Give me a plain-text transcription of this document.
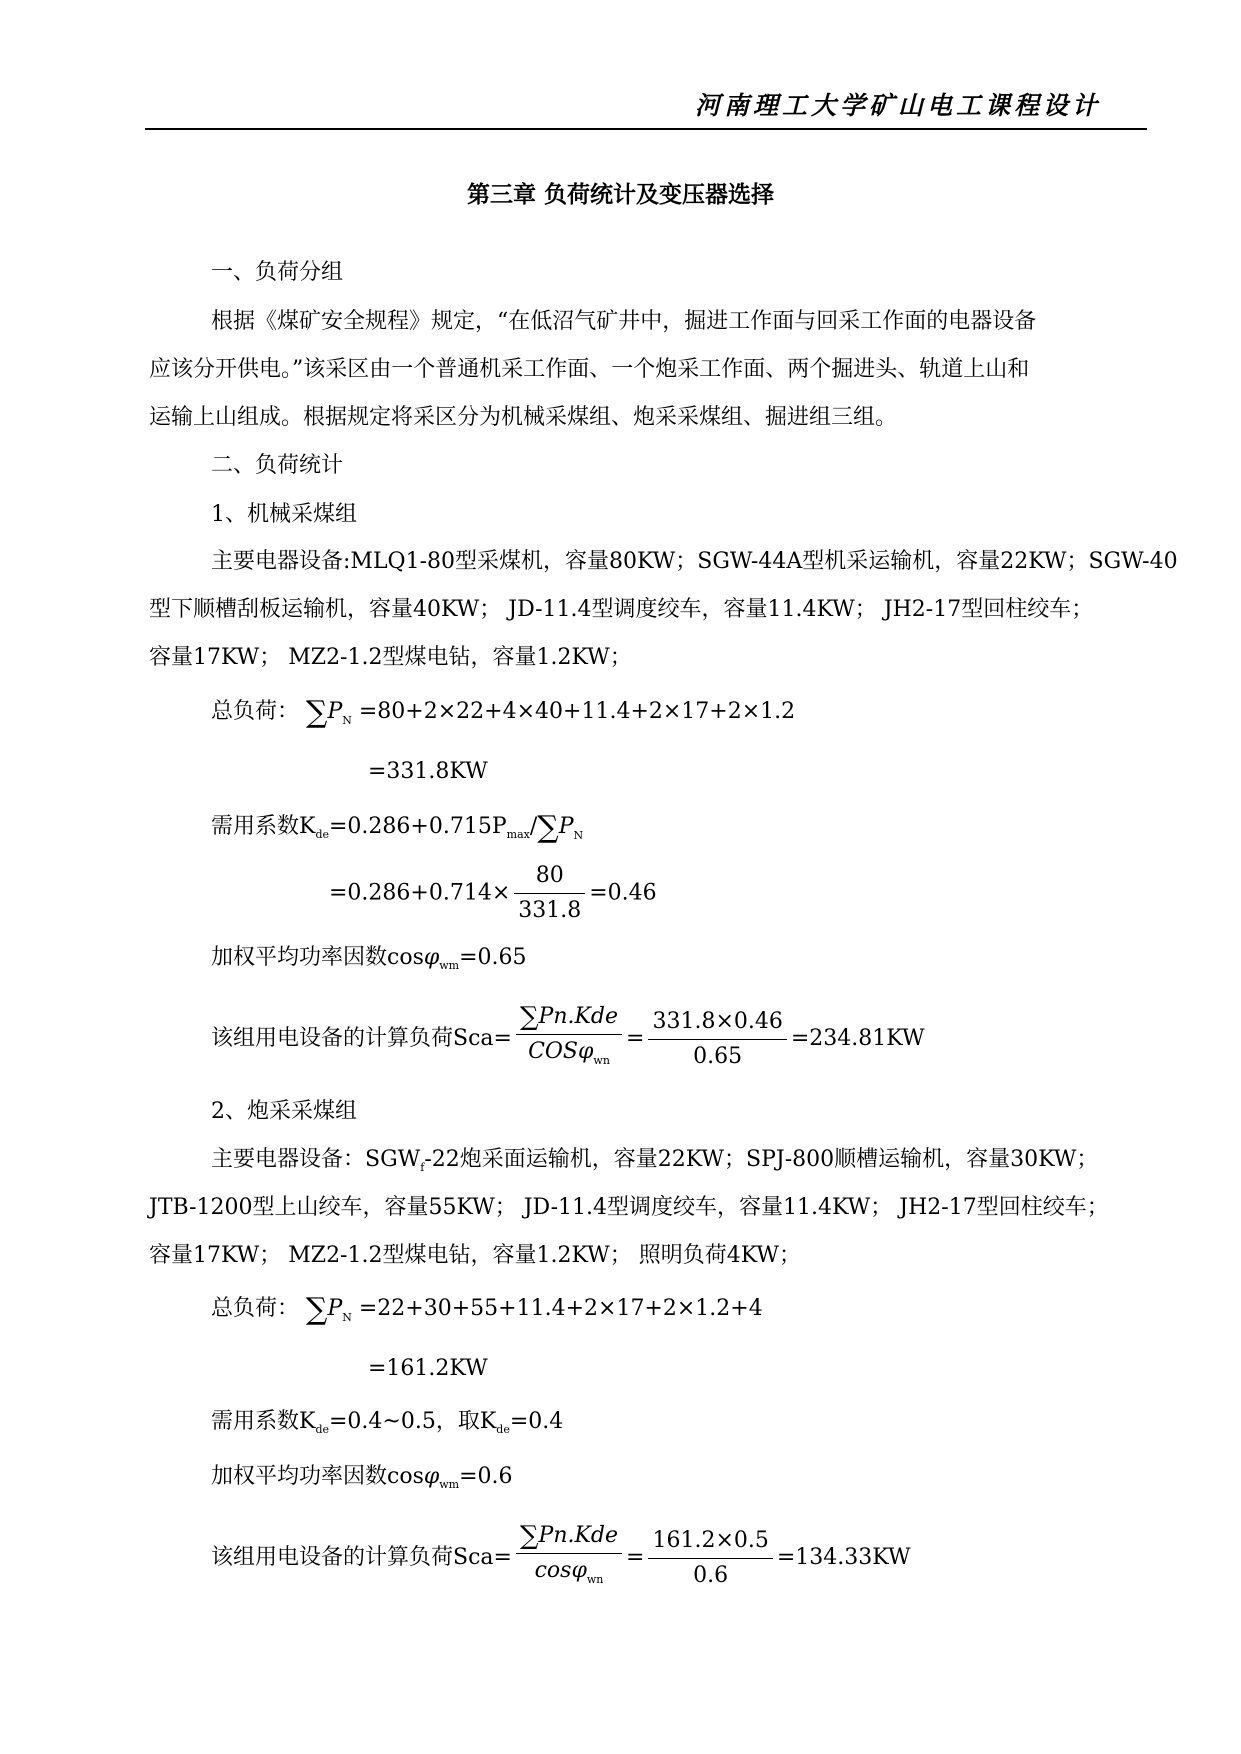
河南理工大学矿山电工课程设计
第三章 负荷统计及变压器选择
一、负荷分组
根据《煤矿安全规程》规定，“在低沼气矿井中，掘进工作面与回采工作面的电器设备
应该分开供电。”该采区由一个普通机采工作面、一个炮采工作面、两个掘进头、轨道上山和
运输上山组成。根据规定将采区分为机械采煤组、炮采采煤组、掘进组三组。
二、负荷统计
1、机械采煤组
主要电器设备:MLQ1-80型采煤机，容量80KW；SGW-44A型机采运输机，容量22KW；SGW-40
型下顺槽刮板运输机，容量40KW； JD-11.4型调度绞车，容量11.4KW； JH2-17型回柱绞车；
容量17KW； MZ2-1.2型煤电钻，容量1.2KW；
总负荷： $\sum P_N =80+2\times 22+4\times 40+11.4+2\times 17+2\times 1.2$
=331.8KW
需用系数$K_{de}=0.286+0.715P_{max}/\sum P_N$
$=0.286+0.714\times \frac{80}{331.8} =0.46$
加权平均功率因数cosφ$_{wm}$=0.65
该组用电设备的计算负荷$Sca= \frac{\text{∑Pn.Kde}}{COS\varphi_{wn}} = \frac{331.8\times 0.46}{0.65} =234.81KW$
2、炮采采煤组
主要电器设备：$SGW_f-22$炮采面运输机，容量22KW；SPJ-800顺槽运输机，容量30KW；
JTB-1200型上山绞车，容量55KW； JD-11.4型调度绞车，容量11.4KW； JH2-17型回柱绞车；
容量17KW； MZ2-1.2型煤电钻，容量1.2KW； 照明负荷4KW；
总负荷： $\sum P_N =22+30+55+11.4+2\times 17+2\times 1.2+4$
=161.2KW
需用系数$K_{de}=0.4\sim 0.5$，取$K_{de}=0.4$
加权平均功率因数cosφ$_{wm}$=0.6
该组用电设备的计算负荷$Sca= \frac{\text{∑Pn.Kde}}{\cos\varphi_{wn}} = \frac{161.2\times 0.5}{0.6} =134.33KW$
